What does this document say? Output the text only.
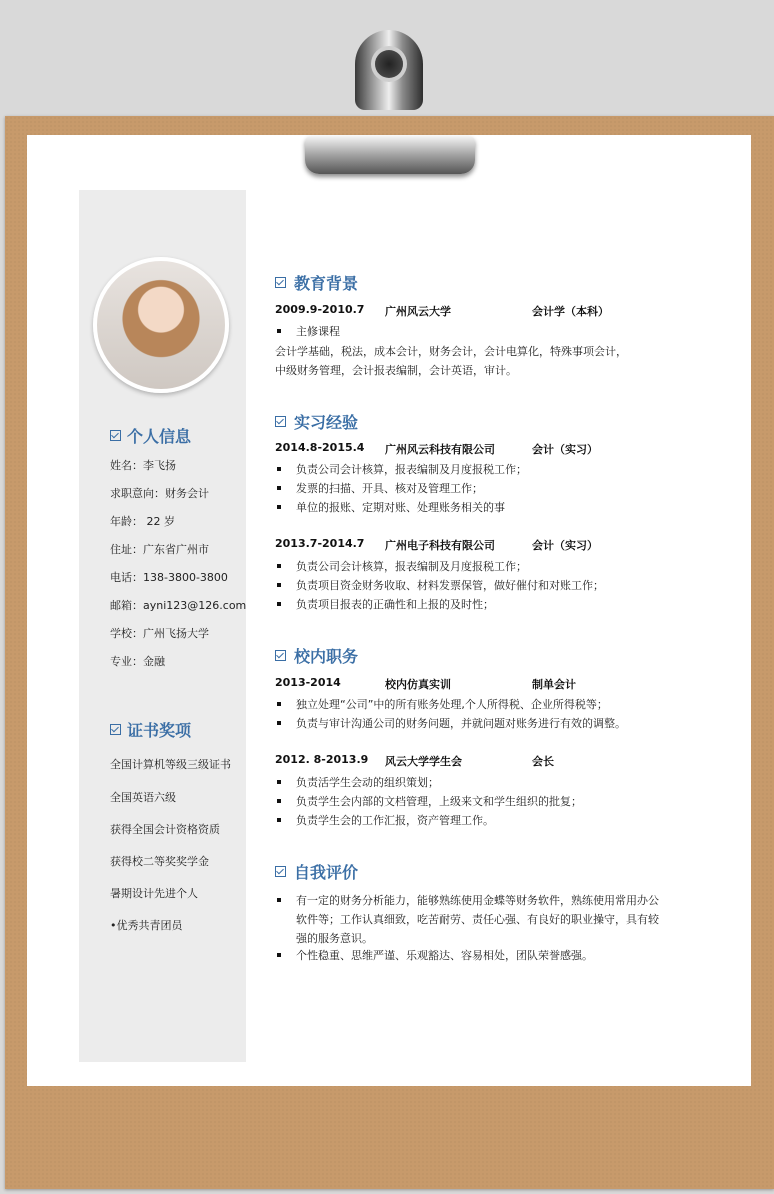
个人信息
姓名：李飞扬
求职意向：财务会计
年龄： 22 岁
住址：广东省广州市
电话：138-3800-3800
邮箱：ayni123@126.com
学校：广州飞扬大学
专业：金融
证书奖项
全国计算机等级三级证书
全国英语六级
获得全国会计资格资质
获得校二等奖奖学金
暑期设计先进个人
•优秀共青团员
教育背景
2009.9-2010.7 广州风云大学	会计学（本科）
主修课程
会计学基础，税法，成本会计，财务会计，会计电算化，特殊事项会计，
中级财务管理，会计报表编制，会计英语，审计。
实习经验
2014.8-2015.4 广州风云科技有限公司	会计（实习）
负责公司会计核算，报表编制及月度报税工作；
发票的扫描、开具、核对及管理工作；
单位的报账、定期对账、处理账务相关的事
2013.7-2014.7 广州电子科技有限公司	会计（实习）
负责公司会计核算，报表编制及月度报税工作；
负责项目资金财务收取、材料发票保管，做好催付和对账工作；
负责项目报表的正确性和上报的及时性；
校内职务
2013-2014	校内仿真实训	制单会计
独立处理“公司”中的所有账务处理,个人所得税、企业所得税等；
负责与审计沟通公司的财务问题，并就问题对账务进行有效的调整。
2012. 8-2013.9 风云大学学生会	会长
负责活学生会动的组织策划；
负责学生会内部的文档管理，上级来文和学生组织的批复；
负责学生会的工作汇报，资产管理工作。
自我评价
有一定的财务分析能力，能够熟练使用金蝶等财务软件，熟练使用常用办公
软件等；工作认真细致，吃苦耐劳、责任心强、有良好的职业操守，具有较
强的服务意识。
个性稳重、思维严谨、乐观豁达、容易相处，团队荣誉感强。
